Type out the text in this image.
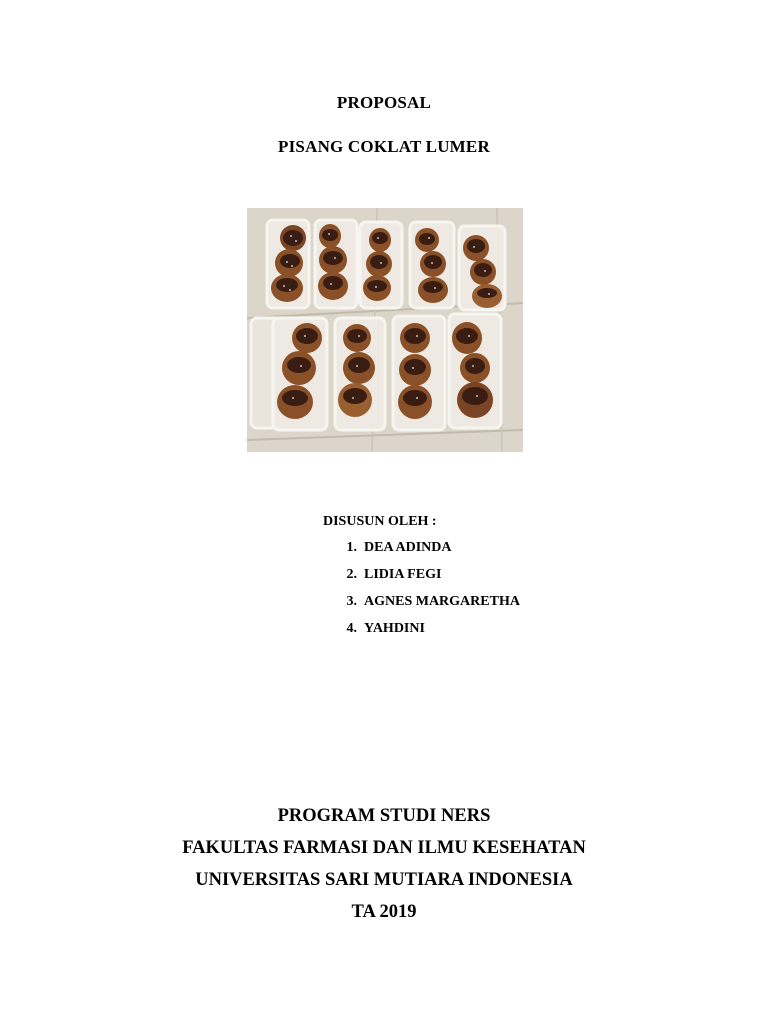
PROPOSAL
PISANG COKLAT LUMER
DISUSUN OLEH :
1. DEA ADINDA
2. LIDIA FEGI
3. AGNES MARGARETHA
4. YAHDINI
PROGRAM STUDI NERS
FAKULTAS FARMASI DAN ILMU KESEHATAN
UNIVERSITAS SARI MUTIARA INDONESIA
TA 2019
